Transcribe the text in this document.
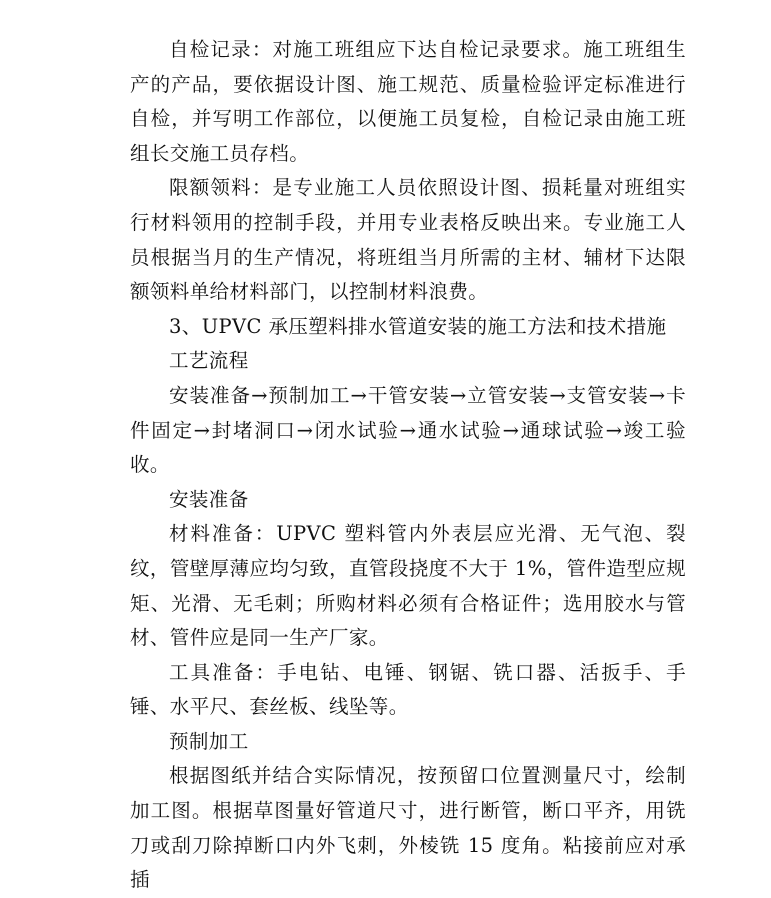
自检记录：对施工班组应下达自检记录要求。施工班组生产的产品，要依据设计图、施工规范、质量检验评定标准进行自检，并写明工作部位，以便施工员复检，自检记录由施工班组长交施工员存档。

限额领料：是专业施工人员依照设计图、损耗量对班组实行材料领用的控制手段，并用专业表格反映出来。专业施工人员根据当月的生产情况，将班组当月所需的主材、辅材下达限额领料单给材料部门，以控制材料浪费。

3、UPVC 承压塑料排水管道安装的施工方法和技术措施

工艺流程

安装准备→预制加工→干管安装→立管安装→支管安装→卡件固定→封堵洞口→闭水试验→通水试验→通球试验→竣工验收。

安装准备

材料准备：UPVC 塑料管内外表层应光滑、无气泡、裂纹，管壁厚薄应均匀致，直管段挠度不大于 1%，管件造型应规矩、光滑、无毛刺；所购材料必须有合格证件；选用胶水与管材、管件应是同一生产厂家。

工具准备：手电钻、电锤、钢锯、铣口器、活扳手、手锤、水平尺、套丝板、线坠等。

预制加工

根据图纸并结合实际情况，按预留口位置测量尺寸，绘制加工图。根据草图量好管道尺寸，进行断管，断口平齐，用铣刀或刮刀除掉断口内外飞刺，外棱铣 15 度角。粘接前应对承插
